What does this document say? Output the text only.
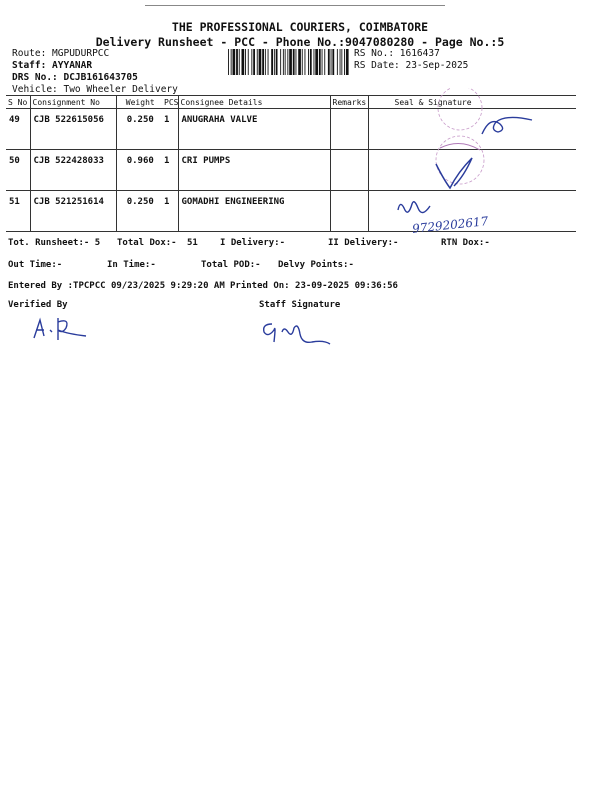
THE PROFESSIONAL COURIERS, COIMBATORE
Delivery Runsheet - PCC - Phone No.:9047080280 - Page No.:5
Route: MGPUDURPCC
Staff: AYYANAR
DRS No.: DCJB161643705
Vehicle: Two Wheeler Delivery
RS No.: 1616437
RS Date: 23-Sep-2025
S No	Consignment No	Weight	PCS	Consignee Details	Remarks	Seal & Signature
49	CJB 522615056	0.250	1	ANUGRAHA VALVE		
50	CJB 522428033	0.960	1	CRI PUMPS		
51	CJB 521251614	0.250	1	GOMADHI ENGINEERING		
9729202617
Tot. Runsheet:- 5 Total Dox:- 51 I Delivery:-	II Delivery:-	RTN Dox:-
Out Time:-	In Time:-	Total POD:- Delvy Points:-
Entered By :TPCPCC 09/23/2025 9:29:20 AM Printed On: 23-09-2025 09:36:56
Verified By	Staff Signature
